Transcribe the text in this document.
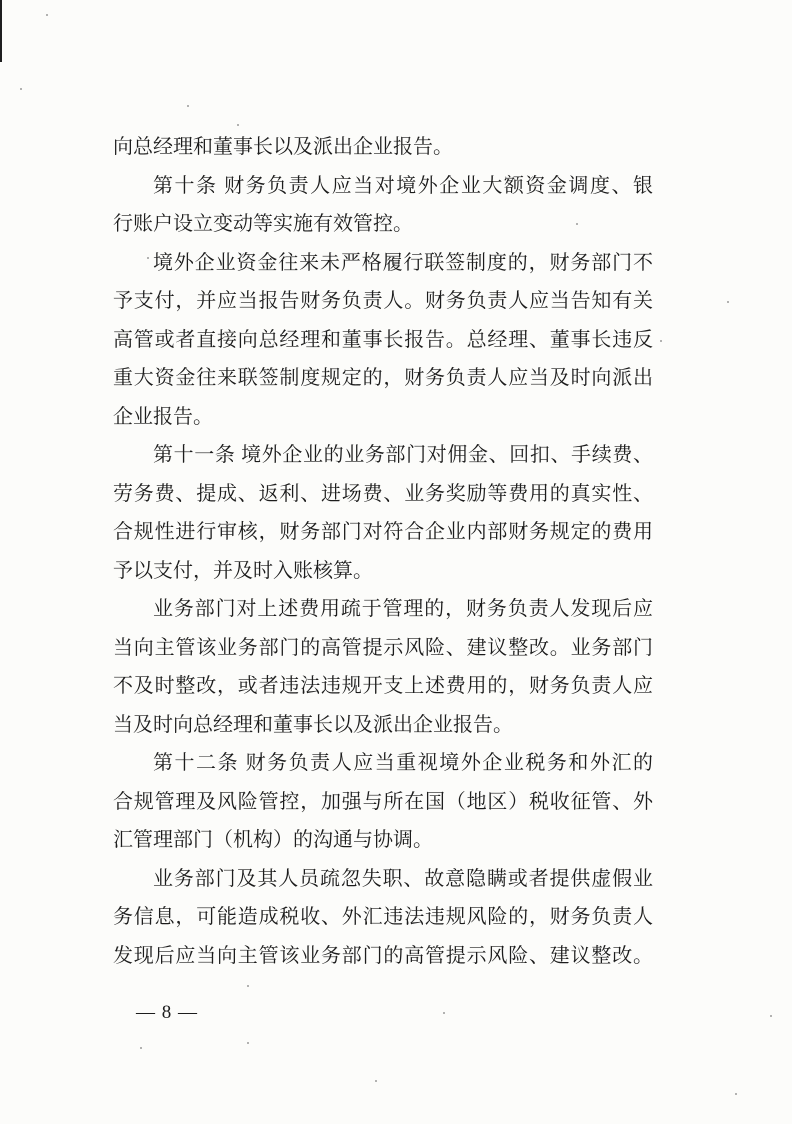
向总经理和董事长以及派出企业报告。
第十条 财务负责人应当对境外企业大额资金调度、银
行账户设立变动等实施有效管控。
境外企业资金往来未严格履行联签制度的，财务部门不
予支付，并应当报告财务负责人。财务负责人应当告知有关
高管或者直接向总经理和董事长报告。总经理、董事长违反
重大资金往来联签制度规定的，财务负责人应当及时向派出
企业报告。
第十一条 境外企业的业务部门对佣金、回扣、手续费、
劳务费、提成、返利、进场费、业务奖励等费用的真实性、
合规性进行审核，财务部门对符合企业内部财务规定的费用
予以支付，并及时入账核算。
业务部门对上述费用疏于管理的，财务负责人发现后应
当向主管该业务部门的高管提示风险、建议整改。业务部门
不及时整改，或者违法违规开支上述费用的，财务负责人应
当及时向总经理和董事长以及派出企业报告。
第十二条 财务负责人应当重视境外企业税务和外汇的
合规管理及风险管控，加强与所在国（地区）税收征管、外
汇管理部门（机构）的沟通与协调。
业务部门及其人员疏忽失职、故意隐瞒或者提供虚假业
务信息，可能造成税收、外汇违法违规风险的，财务负责人
发现后应当向主管该业务部门的高管提示风险、建议整改。
— 8 —
